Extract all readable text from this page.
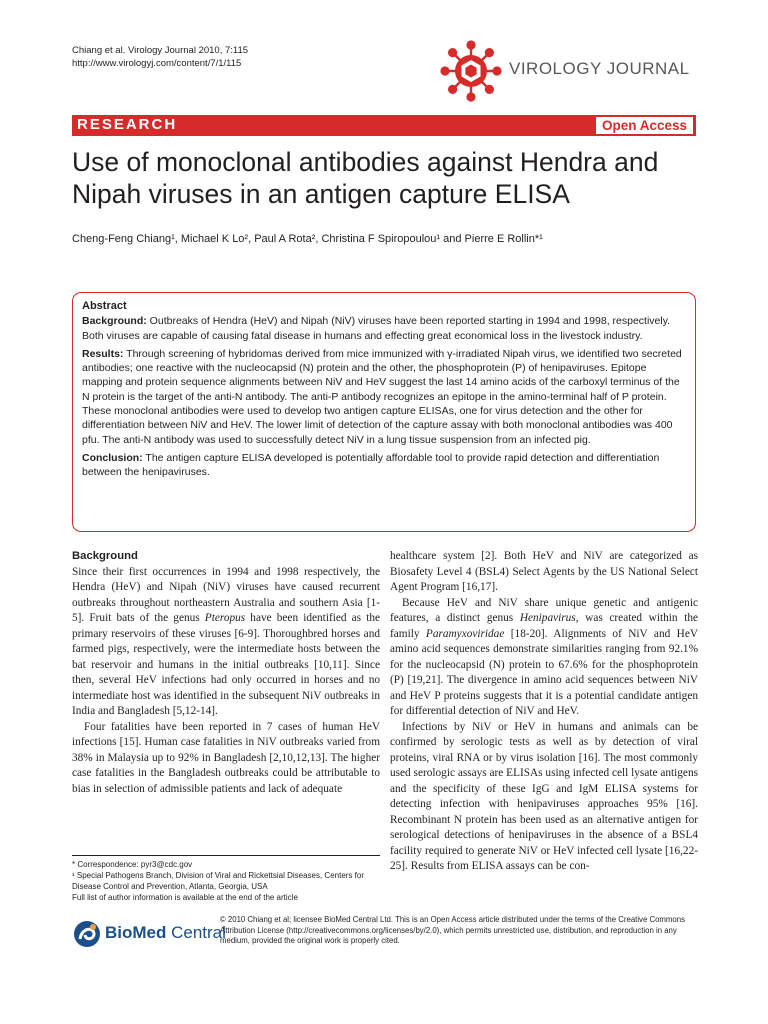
Chiang et al. Virology Journal 2010, 7:115
http://www.virologyj.com/content/7/1/115	VIROLOGY JOURNAL
RESEARCH	Open Access
Use of monoclonal antibodies against Hendra and Nipah viruses in an antigen capture ELISA
Cheng-Feng Chiang¹, Michael K Lo², Paul A Rota², Christina F Spiropoulou¹ and Pierre E Rollin*¹
Abstract

Background: Outbreaks of Hendra (HeV) and Nipah (NiV) viruses have been reported starting in 1994 and 1998, respectively. Both viruses are capable of causing fatal disease in humans and effecting great economical loss in the livestock industry.

Results: Through screening of hybridomas derived from mice immunized with γ-irradiated Nipah virus, we identified two secreted antibodies; one reactive with the nucleocapsid (N) protein and the other, the phosphoprotein (P) of henipaviruses. Epitope mapping and protein sequence alignments between NiV and HeV suggest the last 14 amino acids of the carboxyl terminus of the N protein is the target of the anti-N antibody. The anti-P antibody recognizes an epitope in the amino-terminal half of P protein. These monoclonal antibodies were used to develop two antigen capture ELISAs, one for virus detection and the other for differentiation between NiV and HeV. The lower limit of detection of the capture assay with both monoclonal antibodies was 400 pfu. The anti-N antibody was used to successfully detect NiV in a lung tissue suspension from an infected pig.

Conclusion: The antigen capture ELISA developed is potentially affordable tool to provide rapid detection and differentiation between the henipaviruses.

Background

Since their first occurrences in 1994 and 1998 respectively, the Hendra (HeV) and Nipah (NiV) viruses have caused recurrent outbreaks throughout northeastern Australia and southern Asia [1-5]. Fruit bats of the genus Pteropus have been identified as the primary reservoirs of these viruses [6-9]. Thoroughbred horses and farmed pigs, respectively, were the intermediate hosts between the bat reservoir and humans in the initial outbreaks [10,11]. Since then, several HeV infections had only occurred in horses and no intermediate host was identified in the subsequent NiV outbreaks in India and Bangladesh [5,12-14].

Four fatalities have been reported in 7 cases of human HeV infections [15]. Human case fatalities in NiV outbreaks varied from 38% in Malaysia up to 92% in Bangladesh [2,10,12,13]. The higher case fatalities in the Bangladesh outbreaks could be attributable to bias in selection of admissible patients and lack of adequate

healthcare system [2]. Both HeV and NiV are categorized as Biosafety Level 4 (BSL4) Select Agents by the US National Select Agent Program [16,17].

Because HeV and NiV share unique genetic and antigenic features, a distinct genus Henipavirus, was created within the family Paramyxoviridae [18-20]. Alignments of NiV and HeV amino acid sequences demonstrate similarities ranging from 92.1% for the nucleocapsid (N) protein to 67.6% for the phosphoprotein (P) [19,21]. The divergence in amino acid sequences between NiV and HeV P proteins suggests that it is a potential candidate antigen for differential detection of NiV and HeV.

Infections by NiV or HeV in humans and animals can be confirmed by serologic tests as well as by detection of viral proteins, viral RNA or by virus isolation [16]. The most commonly used serologic assays are ELISAs using infected cell lysate antigens and the specificity of these IgG and IgM ELISA systems for detecting infection with henipaviruses approaches 95% [16]. Recombinant N protein has been used as an alternative antigen for serological detections of henipaviruses in the absence of a BSL4 facility required to generate NiV or HeV infected cell lysate [16,22-25]. Results from ELISA assays can be con-

* Correspondence: pyr3@cdc.gov
¹ Special Pathogens Branch, Division of Viral and Rickettsial Diseases, Centers for Disease Control and Prevention, Atlanta, Georgia, USA
Full list of author information is available at the end of the article
BioMed Central
© 2010 Chiang et al; licensee BioMed Central Ltd. This is an Open Access article distributed under the terms of the Creative Commons Attribution License (http://creativecommons.org/licenses/by/2.0), which permits unrestricted use, distribution, and reproduction in any medium, provided the original work is properly cited.
